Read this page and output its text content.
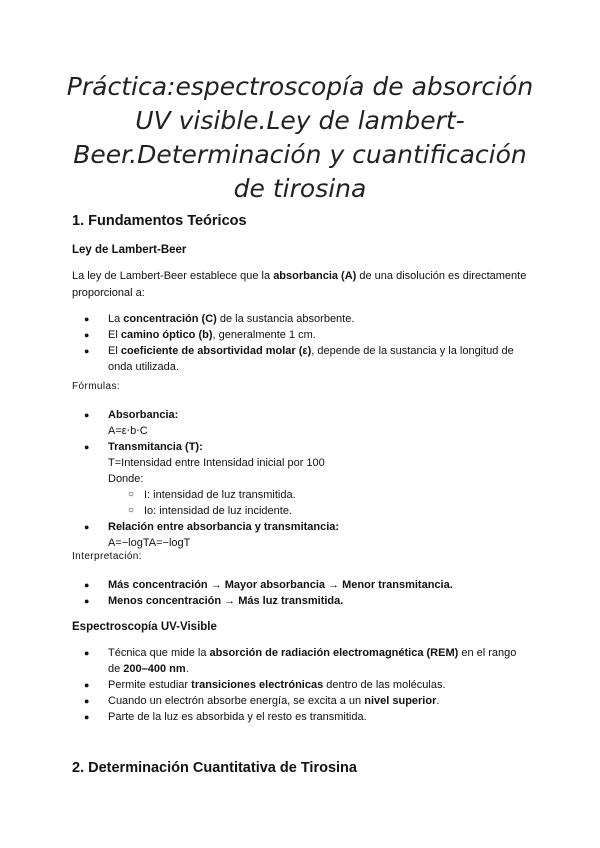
Práctica:espectroscopía de absorción UV visible.Ley de lambert-Beer.Determinación y cuantificación de tirosina
1. Fundamentos Teóricos
Ley de Lambert-Beer

La ley de Lambert-Beer establece que la absorbancia (A) de una disolución es directamente proporcional a:

● La concentración (C) de la sustancia absorbente.
● El camino óptico (b), generalmente 1 cm.
● El coeficiente de absortividad molar (ε), depende de la sustancia y la longitud de onda utilizada.

Fórmulas:

● Absorbancia:
A=ε⋅b⋅C
● Transmitancia (T):
T=Intensidad entre Intensidad inicial por 100
Donde:
○ I: intensidad de luz transmitida.
○ Io: intensidad de luz incidente.
● Relación entre absorbancia y transmitancia:
A=−logTA=−logT

Interpretación:

● Más concentración → Mayor absorbancia → Menor transmitancia.
● Menos concentración → Más luz transmitida.
Espectroscopía UV-Visible
● Técnica que mide la absorción de radiación electromagnética (REM) en el rango de 200–400 nm.
● Permite estudiar transiciones electrónicas dentro de las moléculas.
● Cuando un electrón absorbe energía, se excita a un nivel superior.
● Parte de la luz es absorbida y el resto es transmitida.
2. Determinación Cuantitativa de Tirosina
